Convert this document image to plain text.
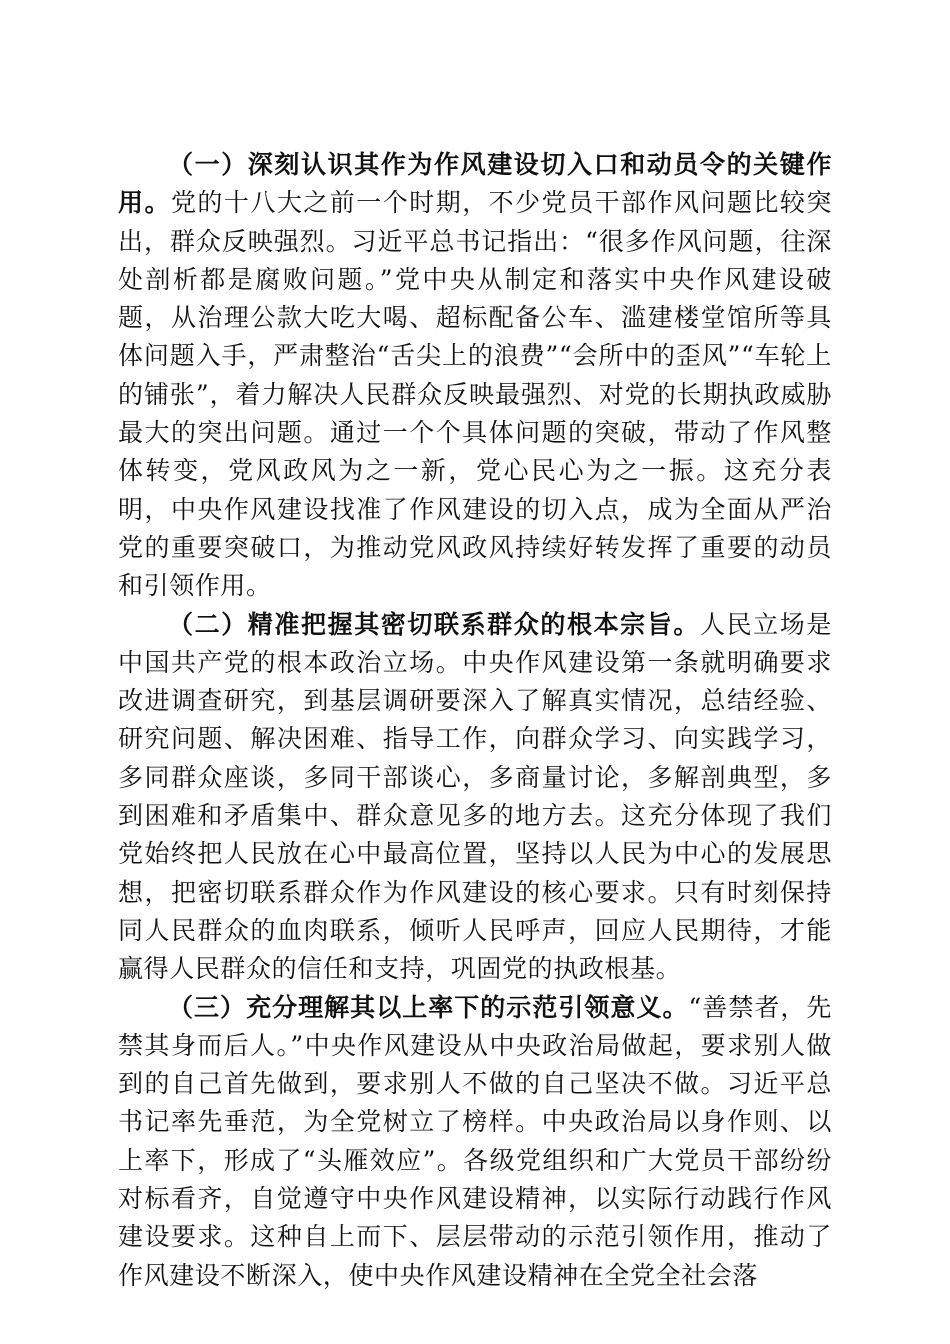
（一）深刻认识其作为作风建设切入口和动员令的关键作用。党的十八大之前一个时期，不少党员干部作风问题比较突出，群众反映强烈。习近平总书记指出：“很多作风问题，往深处剖析都是腐败问题。”党中央从制定和落实中央作风建设破题，从治理公款大吃大喝、超标配备公车、滥建楼堂馆所等具体问题入手，严肃整治“舌尖上的浪费”“会所中的歪风”“车轮上的铺张”，着力解决人民群众反映最强烈、对党的长期执政威胁最大的突出问题。通过一个个具体问题的突破，带动了作风整体转变，党风政风为之一新，党心民心为之一振。这充分表明，中央作风建设找准了作风建设的切入点，成为全面从严治党的重要突破口，为推动党风政风持续好转发挥了重要的动员和引领作用。

（二）精准把握其密切联系群众的根本宗旨。人民立场是中国共产党的根本政治立场。中央作风建设第一条就明确要求改进调查研究，到基层调研要深入了解真实情况，总结经验、研究问题、解决困难、指导工作，向群众学习、向实践学习，多同群众座谈，多同干部谈心，多商量讨论，多解剖典型，多到困难和矛盾集中、群众意见多的地方去。这充分体现了我们党始终把人民放在心中最高位置，坚持以人民为中心的发展思想，把密切联系群众作为作风建设的核心要求。只有时刻保持同人民群众的血肉联系，倾听人民呼声，回应人民期待，才能赢得人民群众的信任和支持，巩固党的执政根基。

（三）充分理解其以上率下的示范引领意义。“善禁者，先禁其身而后人。”中央作风建设从中央政治局做起，要求别人做到的自己首先做到，要求别人不做的自己坚决不做。习近平总书记率先垂范，为全党树立了榜样。中央政治局以身作则、以上率下，形成了“头雁效应”。各级党组织和广大党员干部纷纷对标看齐，自觉遵守中央作风建设精神，以实际行动践行作风建设要求。这种自上而下、层层带动的示范引领作用，推动了作风建设不断深入，使中央作风建设精神在全党全社会落
